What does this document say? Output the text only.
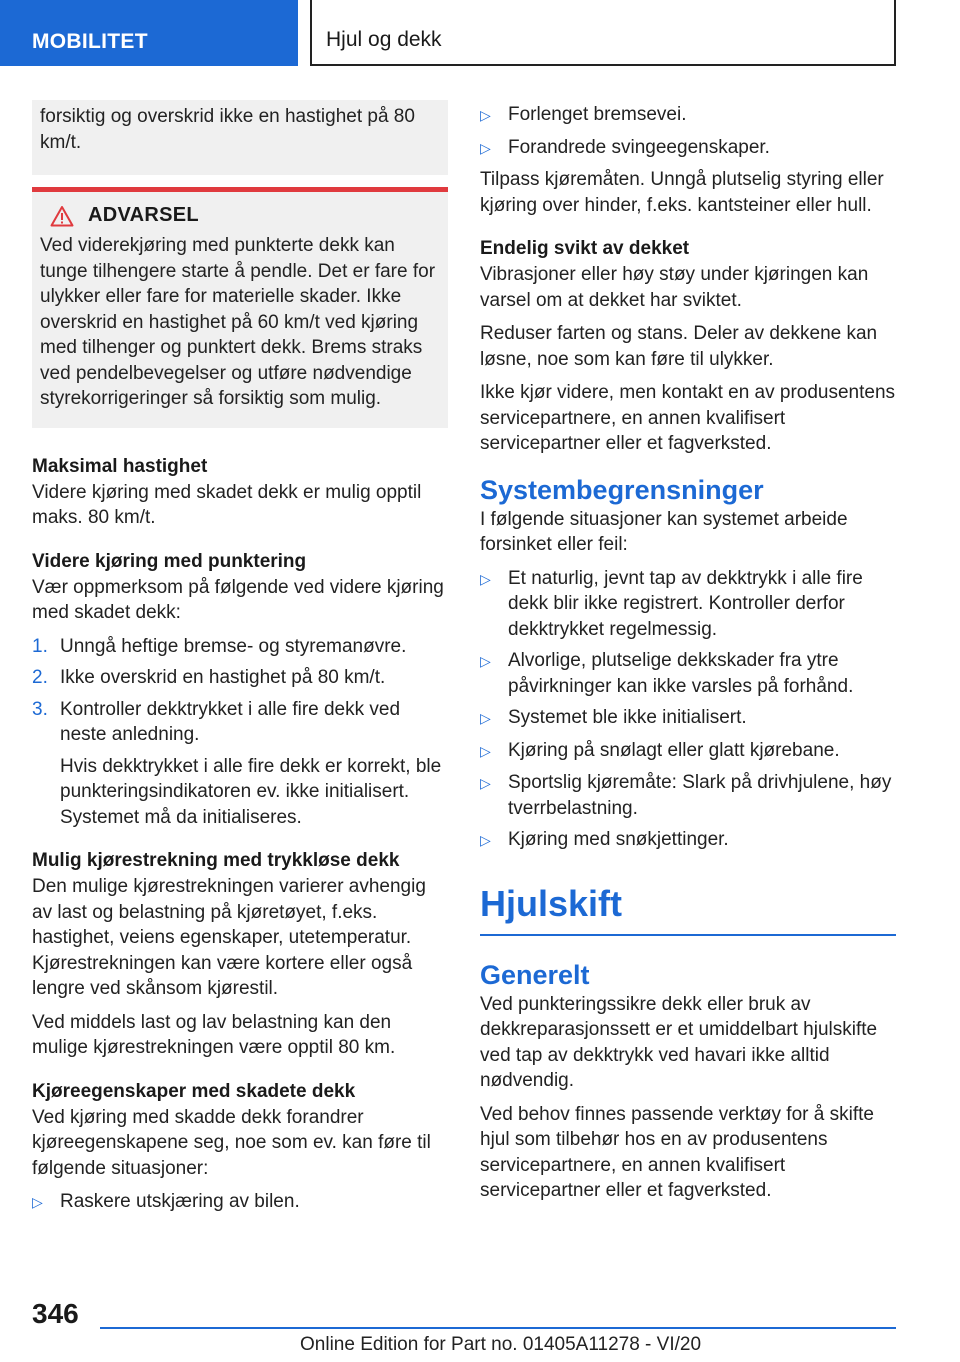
MOBILITET	Hjul og dekk

forsiktig og overskrid ikke en hastighet på 80 km/t.

ADVARSEL

Ved viderekjøring med punkterte dekk kan tunge tilhengere starte å pendle. Det er fare for ulykker eller fare for materielle skader. Ikke overskrid en hastighet på 60 km/t ved kjøring med tilhenger og punktert dekk. Brems straks ved pendelbevegelser og utføre nødvendige styrekorrigeringer så forsiktig som mulig.

Maksimal hastighet

Videre kjøring med skadet dekk er mulig opptil maks. 80 km/t.

Videre kjøring med punktering

Vær oppmerksom på følgende ved videre kjøring med skadet dekk:

1. Unngå heftige bremse- og styremanøvre.
2. Ikke overskrid en hastighet på 80 km/t.
3. Kontroller dekktrykket i alle fire dekk ved neste anledning.

Hvis dekktrykket i alle fire dekk er korrekt, ble punkteringsindikatoren ev. ikke initialisert. Systemet må da initialiseres.

Mulig kjørestrekning med trykkløse dekk

Den mulige kjørestrekningen varierer avhengig av last og belastning på kjøretøyet, f.eks. hastighet, veiens egenskaper, utetemperatur. Kjørestrekningen kan være kortere eller også lengre ved skånsom kjørestil.

Ved middels last og lav belastning kan den mulige kjørestrekningen være opptil 80 km.

Kjøreegenskaper med skadete dekk

Ved kjøring med skadde dekk forandrer kjøreegenskapene seg, noe som ev. kan føre til følgende situasjoner:

▷ Raskere utskjæring av bilen.
▷ Forlenget bremsevei.
▷ Forandrede svingeegenskaper.

Tilpass kjøremåten. Unngå plutselig styring eller kjøring over hinder, f.eks. kantsteiner eller hull.

Endelig svikt av dekket

Vibrasjoner eller høy støy under kjøringen kan varsel om at dekket har sviktet.

Reduser farten og stans. Deler av dekkene kan løsne, noe som kan føre til ulykker.

Ikke kjør videre, men kontakt en av produsentens servicepartnere, en annen kvalifisert servicepartner eller et fagverksted.

Systembegrensninger

I følgende situasjoner kan systemet arbeide forsinket eller feil:

▷ Et naturlig, jevnt tap av dekktrykk i alle fire dekk blir ikke registrert. Kontroller derfor dekktrykket regelmessig.
▷ Alvorlige, plutselige dekkskader fra ytre påvirkninger kan ikke varsles på forhånd.
▷ Systemet ble ikke initialisert.
▷ Kjøring på snølagt eller glatt kjørebane.
▷ Sportslig kjøremåte: Slark på drivhjulene, høy tverrbelastning.
▷ Kjøring med snøkjettinger.
Hjulskift
Generelt

Ved punkteringssikre dekk eller bruk av dekkreparasjonssett er et umiddelbart hjulskifte ved tap av dekktrykk ved havari ikke alltid nødvendig.

Ved behov finnes passende verktøy for å skifte hjul som tilbehør hos en av produsentens servicepartnere, en annen kvalifisert servicepartner eller et fagverksted.

346
Online Edition for Part no. 01405A11278 - VI/20
